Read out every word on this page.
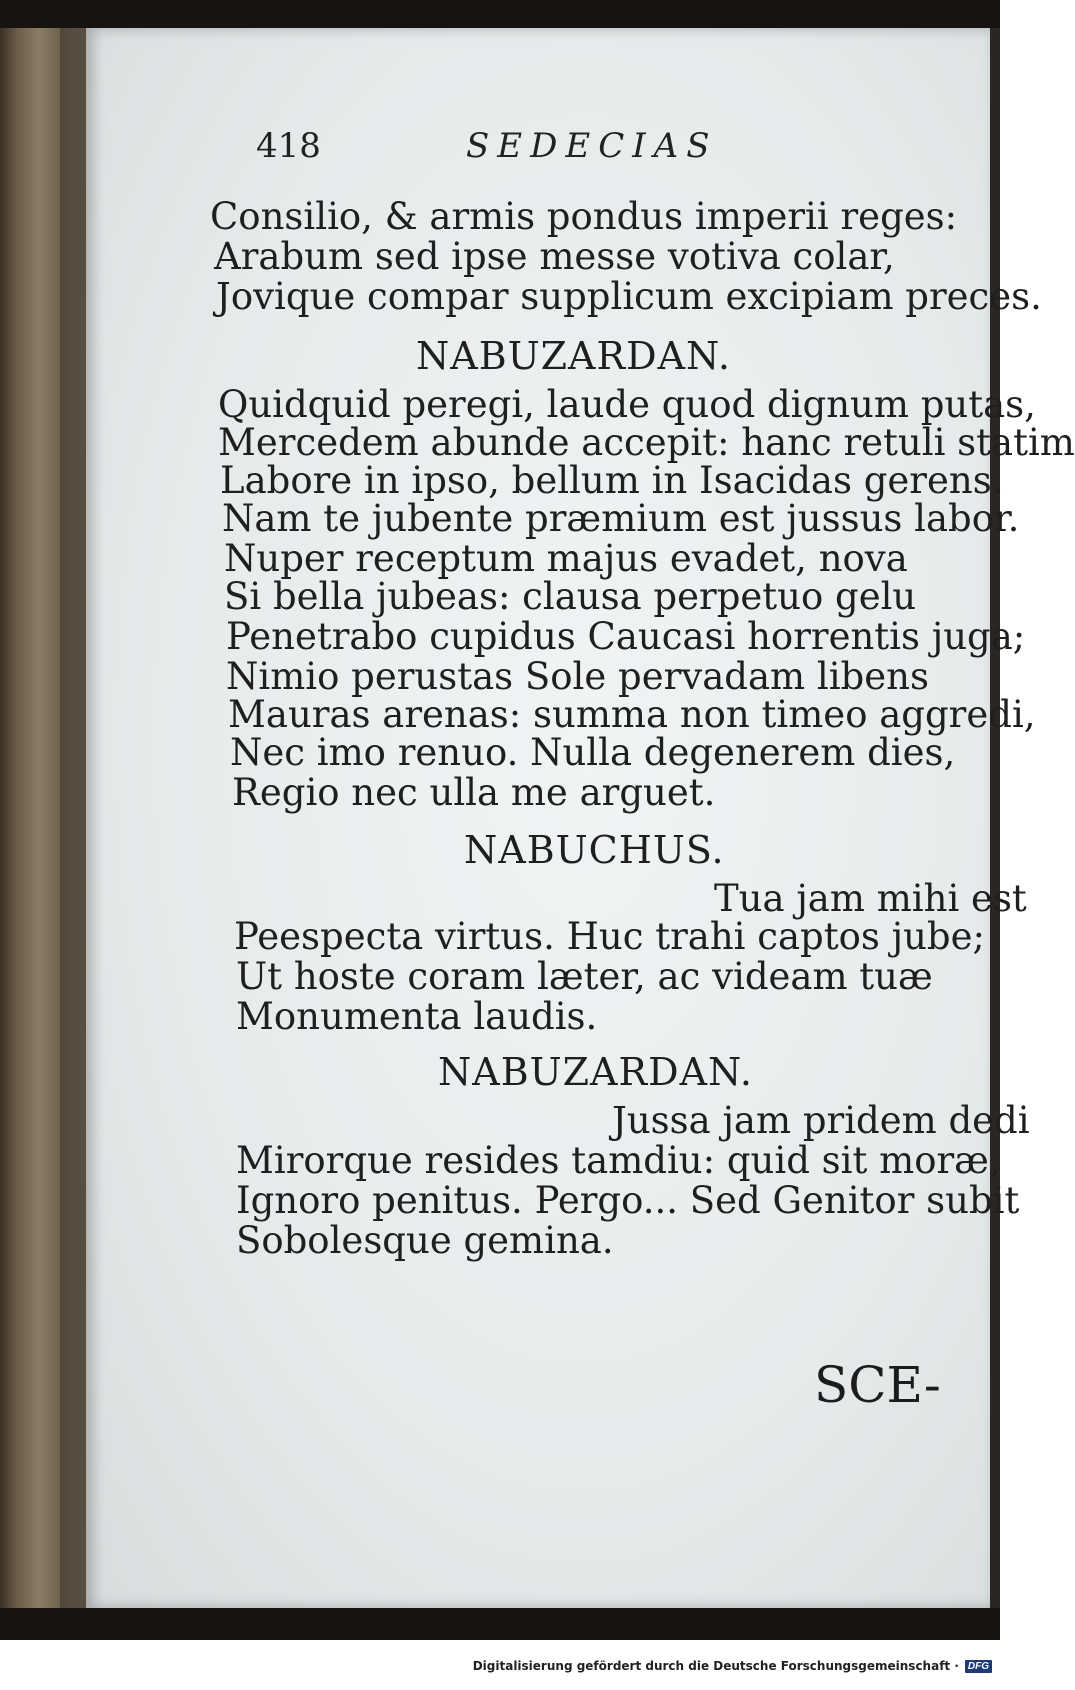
418	SEDECIAS
Consilio, & armis pondus imperii reges:
Arabum sed ipse messe votiva colar,
Jovique compar supplicum excipiam preces.
NABUZARDAN.
Quidquid peregi, laude quod dignum putas,
Mercedem abunde accepit: hanc retuli statim
Labore in ipso, bellum in Isacidas gerens.
Nam te jubente præmium est jussus labor.
Nuper receptum majus evadet, nova
Si bella jubeas: clausa perpetuo gelu
Penetrabo cupidus Caucasi horrentis juga;
Nimio perustas Sole pervadam libens
Mauras arenas: summa non timeo aggredi,
Nec imo renuo. Nulla degenerem dies,
Regio nec ulla me arguet.
NABUCHUS.
Tua jam mihi est
Peespecta virtus. Huc trahi captos jube;
Ut hoste coram læter, ac videam tuæ
Monumenta laudis.
NABUZARDAN.
Jussa jam pridem dedi
Mirorque resides tamdiu: quid sit moræ,
Ignoro penitus. Pergo... Sed Genitor subit
Sobolesque gemina.
SCE-
Digitalisierung gefördert durch die Deutsche Forschungsgemeinschaft · DFG
